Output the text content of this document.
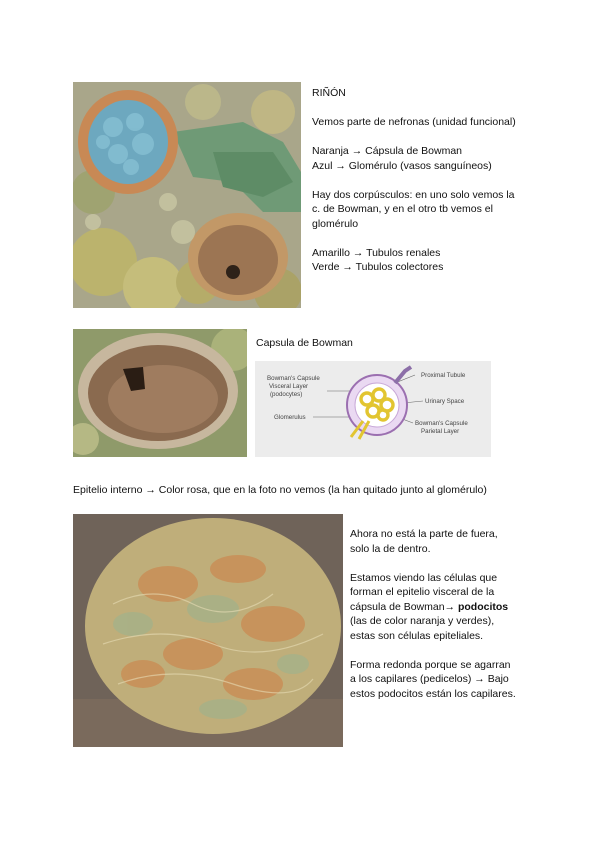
RIÑÓN

Vemos parte de nefronas (unidad funcional)

Naranja → Cápsula de Bowman

Azul → Glomérulo (vasos sanguíneos)

Hay dos corpúsculos: en uno solo vemos la

c. de Bowman, y en el otro tb vemos el

glomérulo

Amarillo → Tubulos renales

Verde → Tubulos colectores

Capsula de Bowman

Bowman's Capsule
Visceral Layer
(podocytes)
Glomerulus
Proximal Tubule
Urinary Space
Bowman's Capsule
Parietal Layer

Epitelio interno → Color rosa, que en la foto no vemos (la han quitado junto al glomérulo)

Ahora no está la parte de fuera,

solo la de dentro.

Estamos viendo las células que

forman el epitelio visceral de la

cápsula de Bowman→ podocitos

(las de color naranja y verdes),

estas son células epiteliales.

Forma redonda porque se agarran

a los capilares (pedicelos) → Bajo

estos podocitos están los capilares.
